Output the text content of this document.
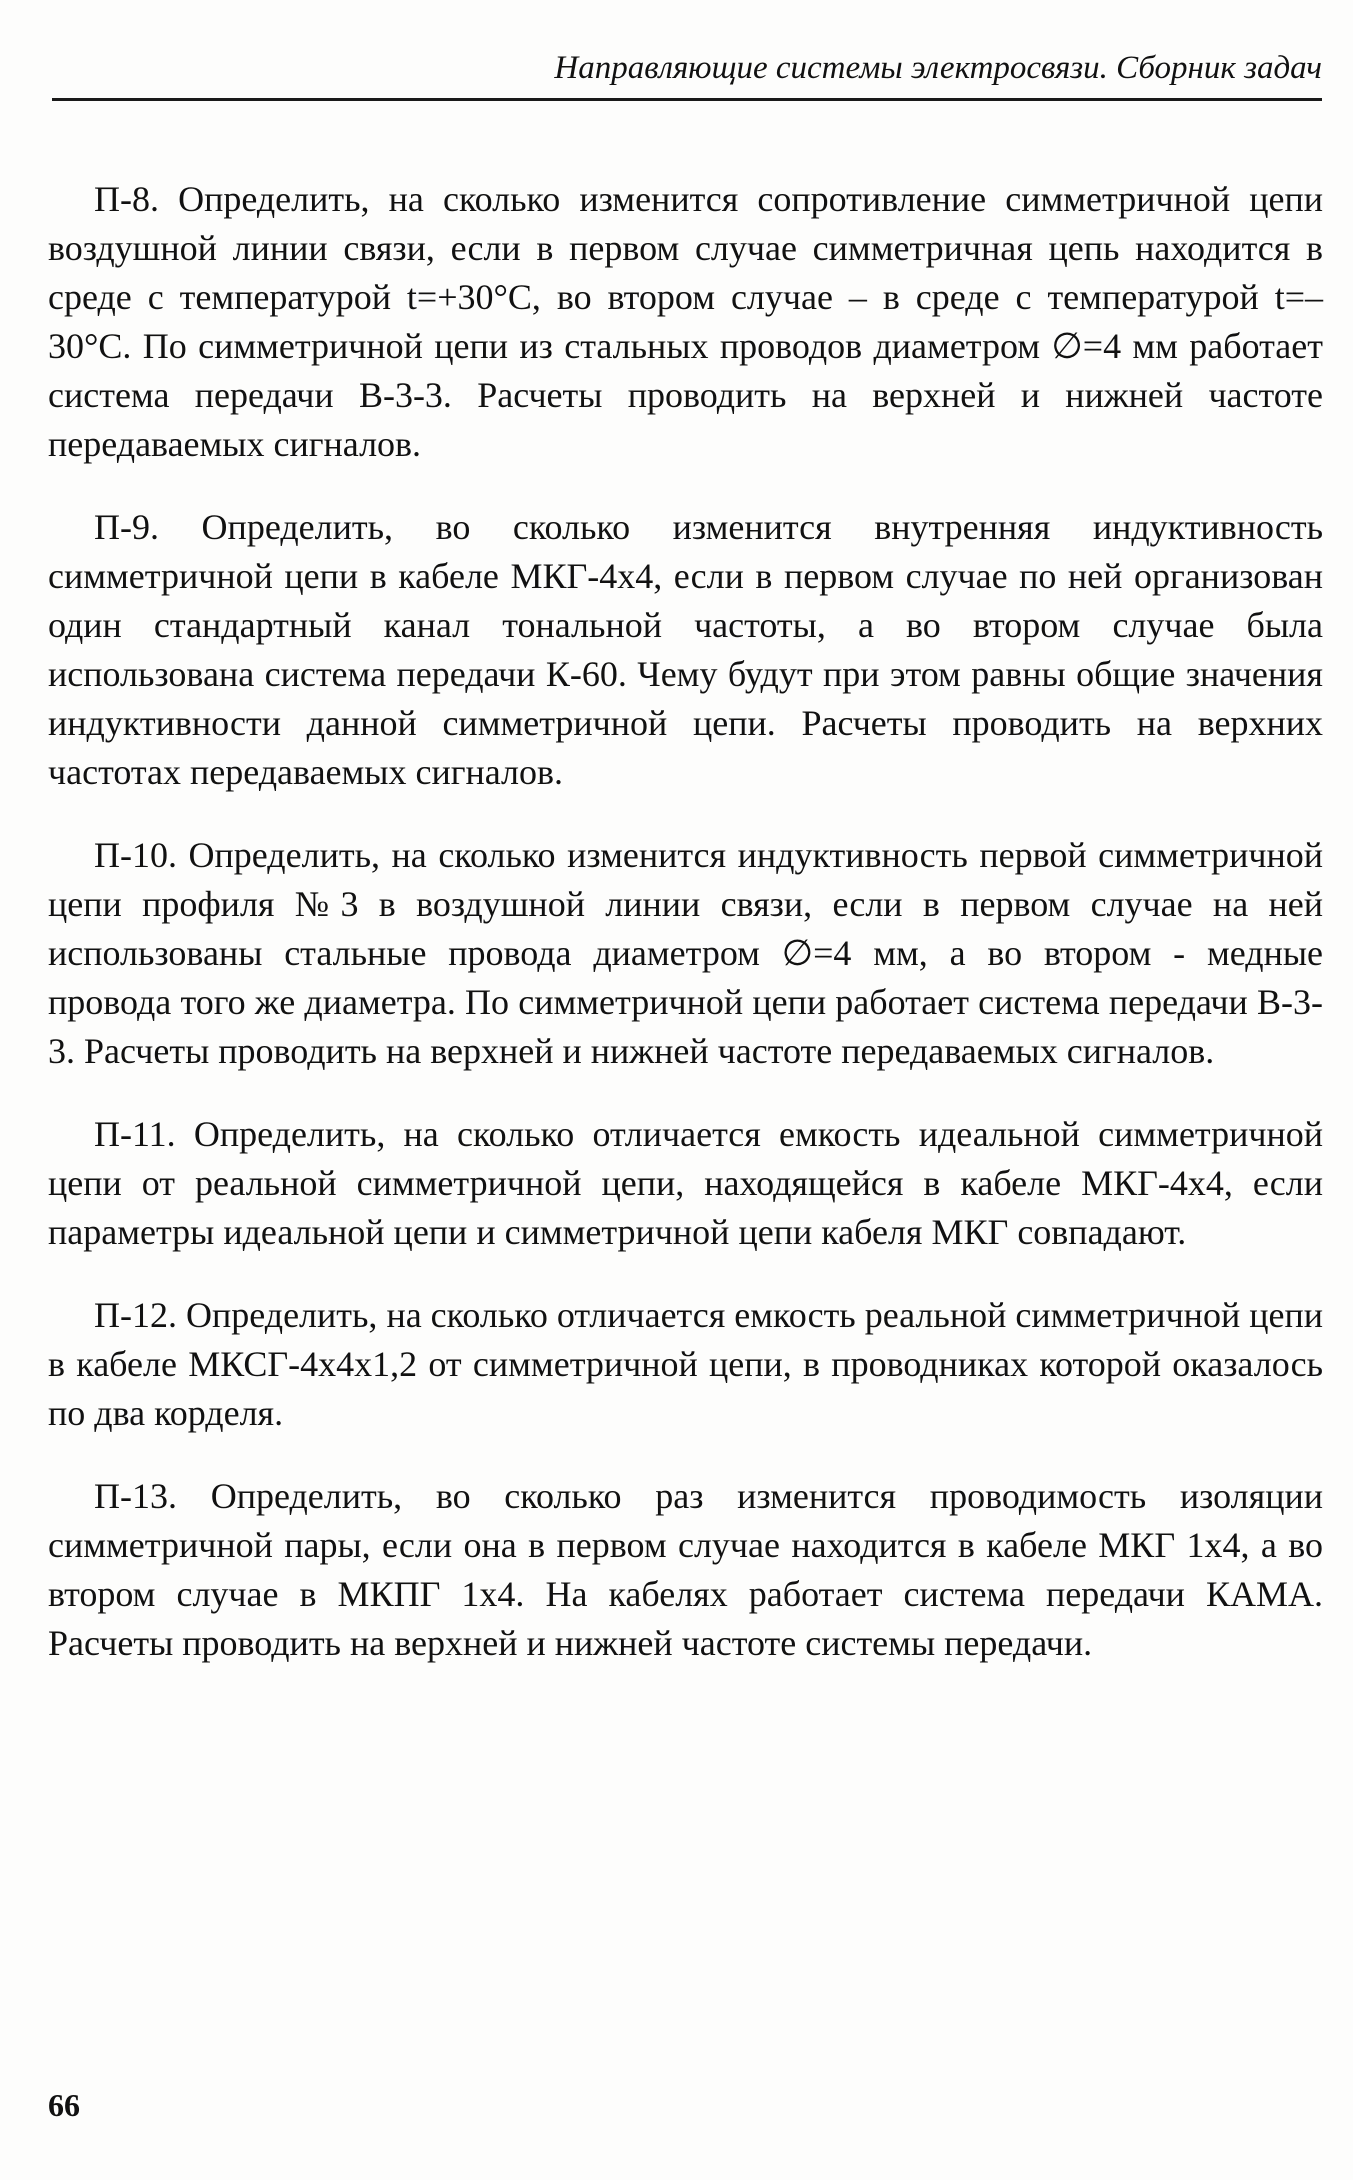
Направляющие системы электросвязи. Сборник задач

П-8. Определить, на сколько изменится сопротивление симметричной цепи воздушной линии связи, если в первом случае симметричная цепь находится в среде с температурой t=+30°C, во втором случае – в среде с температурой t=–30°C. По симметричной цепи из стальных проводов диаметром ∅=4 мм работает система передачи В-3-3. Расчеты проводить на верхней и нижней частоте передаваемых сигналов.

П-9. Определить, во сколько изменится внутренняя индуктивность симметричной цепи в кабеле МКГ-4х4, если в первом случае по ней организован один стандартный канал тональной частоты, а во втором случае была использована система передачи К-60. Чему будут при этом равны общие значения индуктивности данной симметричной цепи. Расчеты проводить на верхних частотах передаваемых сигналов.

П-10. Определить, на сколько изменится индуктивность первой симметричной цепи профиля №3 в воздушной линии связи, если в первом случае на ней использованы стальные провода диаметром ∅=4 мм, а во втором - медные провода того же диаметра. По симметричной цепи работает система передачи В-3-3. Расчеты проводить на верхней и нижней частоте передаваемых сигналов.

П-11. Определить, на сколько отличается емкость идеальной симметричной цепи от реальной симметричной цепи, находящейся в кабеле МКГ-4х4, если параметры идеальной цепи и симметричной цепи кабеля МКГ совпадают.

П-12. Определить, на сколько отличается емкость реальной симметричной цепи в кабеле МКСГ-4х4х1,2 от симметричной цепи, в проводниках которой оказалось по два корделя.

П-13. Определить, во сколько раз изменится проводимость изоляции симметричной пары, если она в первом случае находится в кабеле МКГ 1х4, а во втором случае в МКПГ 1х4. На кабелях работает система передачи КАМА. Расчеты проводить на верхней и нижней частоте системы передачи.

66
